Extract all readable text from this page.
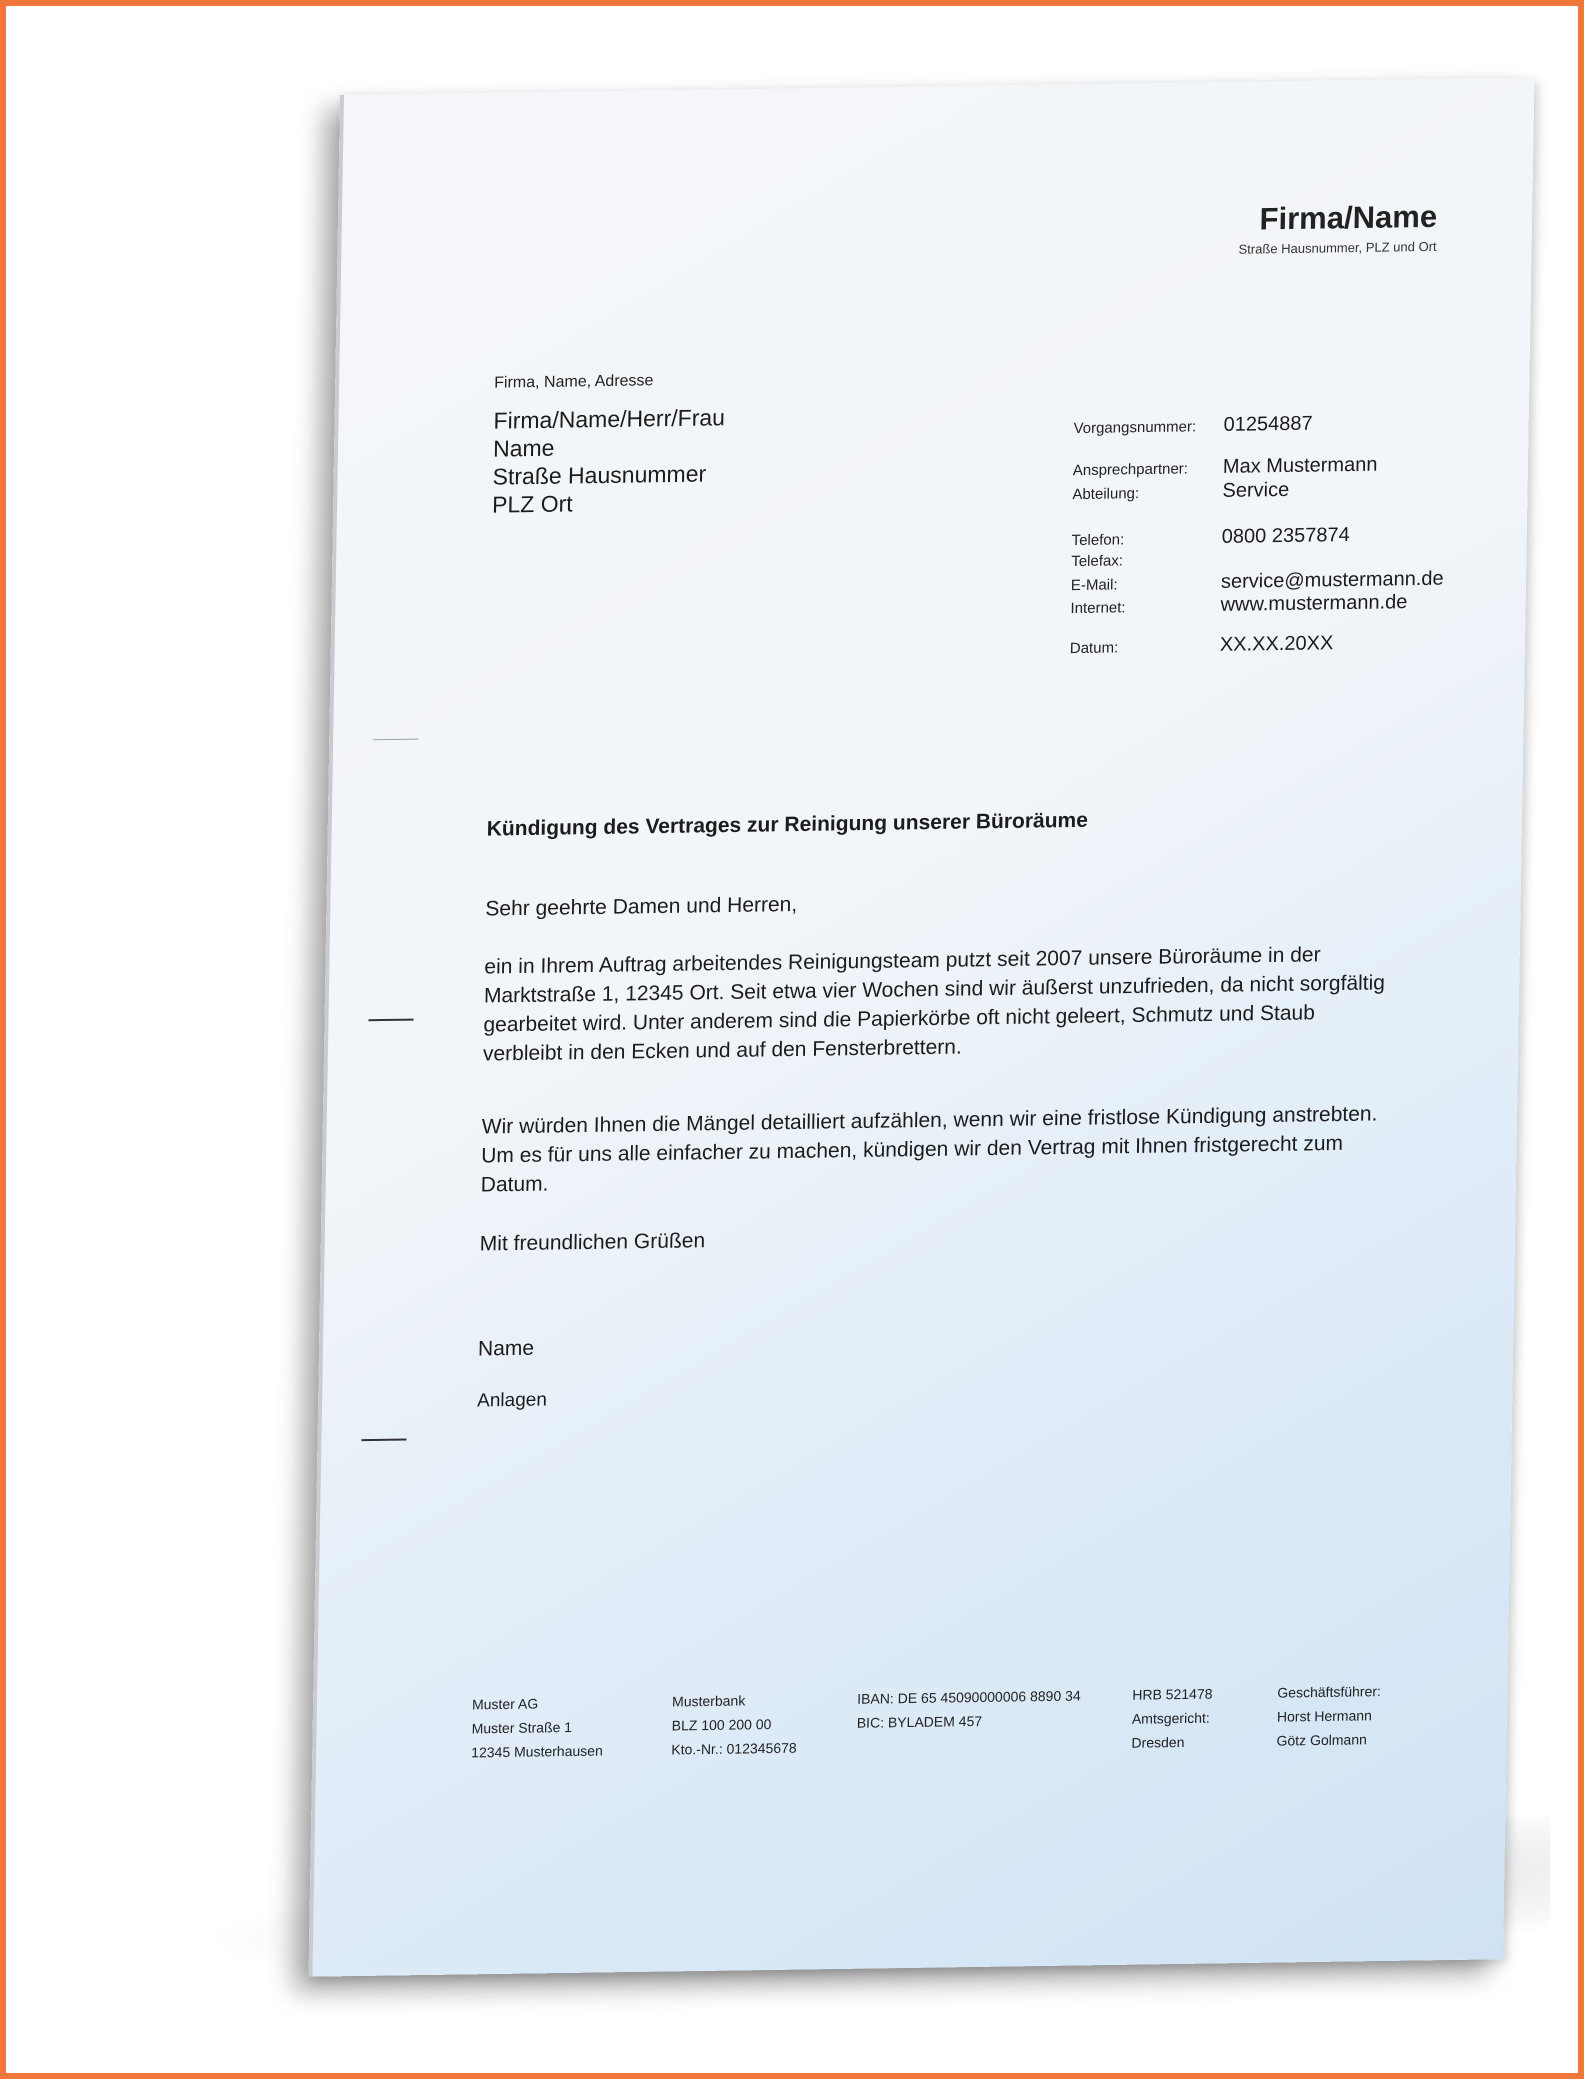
Firma/Name
Straße Hausnummer, PLZ und Ort
Firma, Name, Adresse
Firma/Name/Herr/Frau
Name
Straße Hausnummer
PLZ Ort
Vorgangsnummer: 01254887
Ansprechpartner: Max Mustermann
Abteilung:	Service
Telefon:	0800 2357874
Telefax:
E-Mail:	service@mustermann.de
Internet:	www.mustermann.de
Datum:	XX.XX.20XX
Kündigung des Vertrages zur Reinigung unserer Büroräume
Sehr geehrte Damen und Herren,
ein in Ihrem Auftrag arbeitendes Reinigungsteam putzt seit 2007 unsere Büroräume in der Marktstraße 1, 12345 Ort. Seit etwa vier Wochen sind wir äußerst unzufrieden, da nicht sorgfältig gearbeitet wird. Unter anderem sind die Papierkörbe oft nicht geleert, Schmutz und Staub verbleibt in den Ecken und auf den Fensterbrettern.
Wir würden Ihnen die Mängel detailliert aufzählen, wenn wir eine fristlose Kündigung anstrebten. Um es für uns alle einfacher zu machen, kündigen wir den Vertrag mit Ihnen fristgerecht zum Datum.
Mit freundlichen Grüßen
Name
Anlagen
Muster AG
Muster Straße 1
12345 Musterhausen
Musterbank
BLZ 100 200 00
Kto.-Nr.: 012345678
IBAN: DE 65 45090000006 8890 34
BIC: BYLADEM 457
HRB 521478
Amtsgericht:
Dresden
Geschäftsführer:
Horst Hermann
Götz Golmann
